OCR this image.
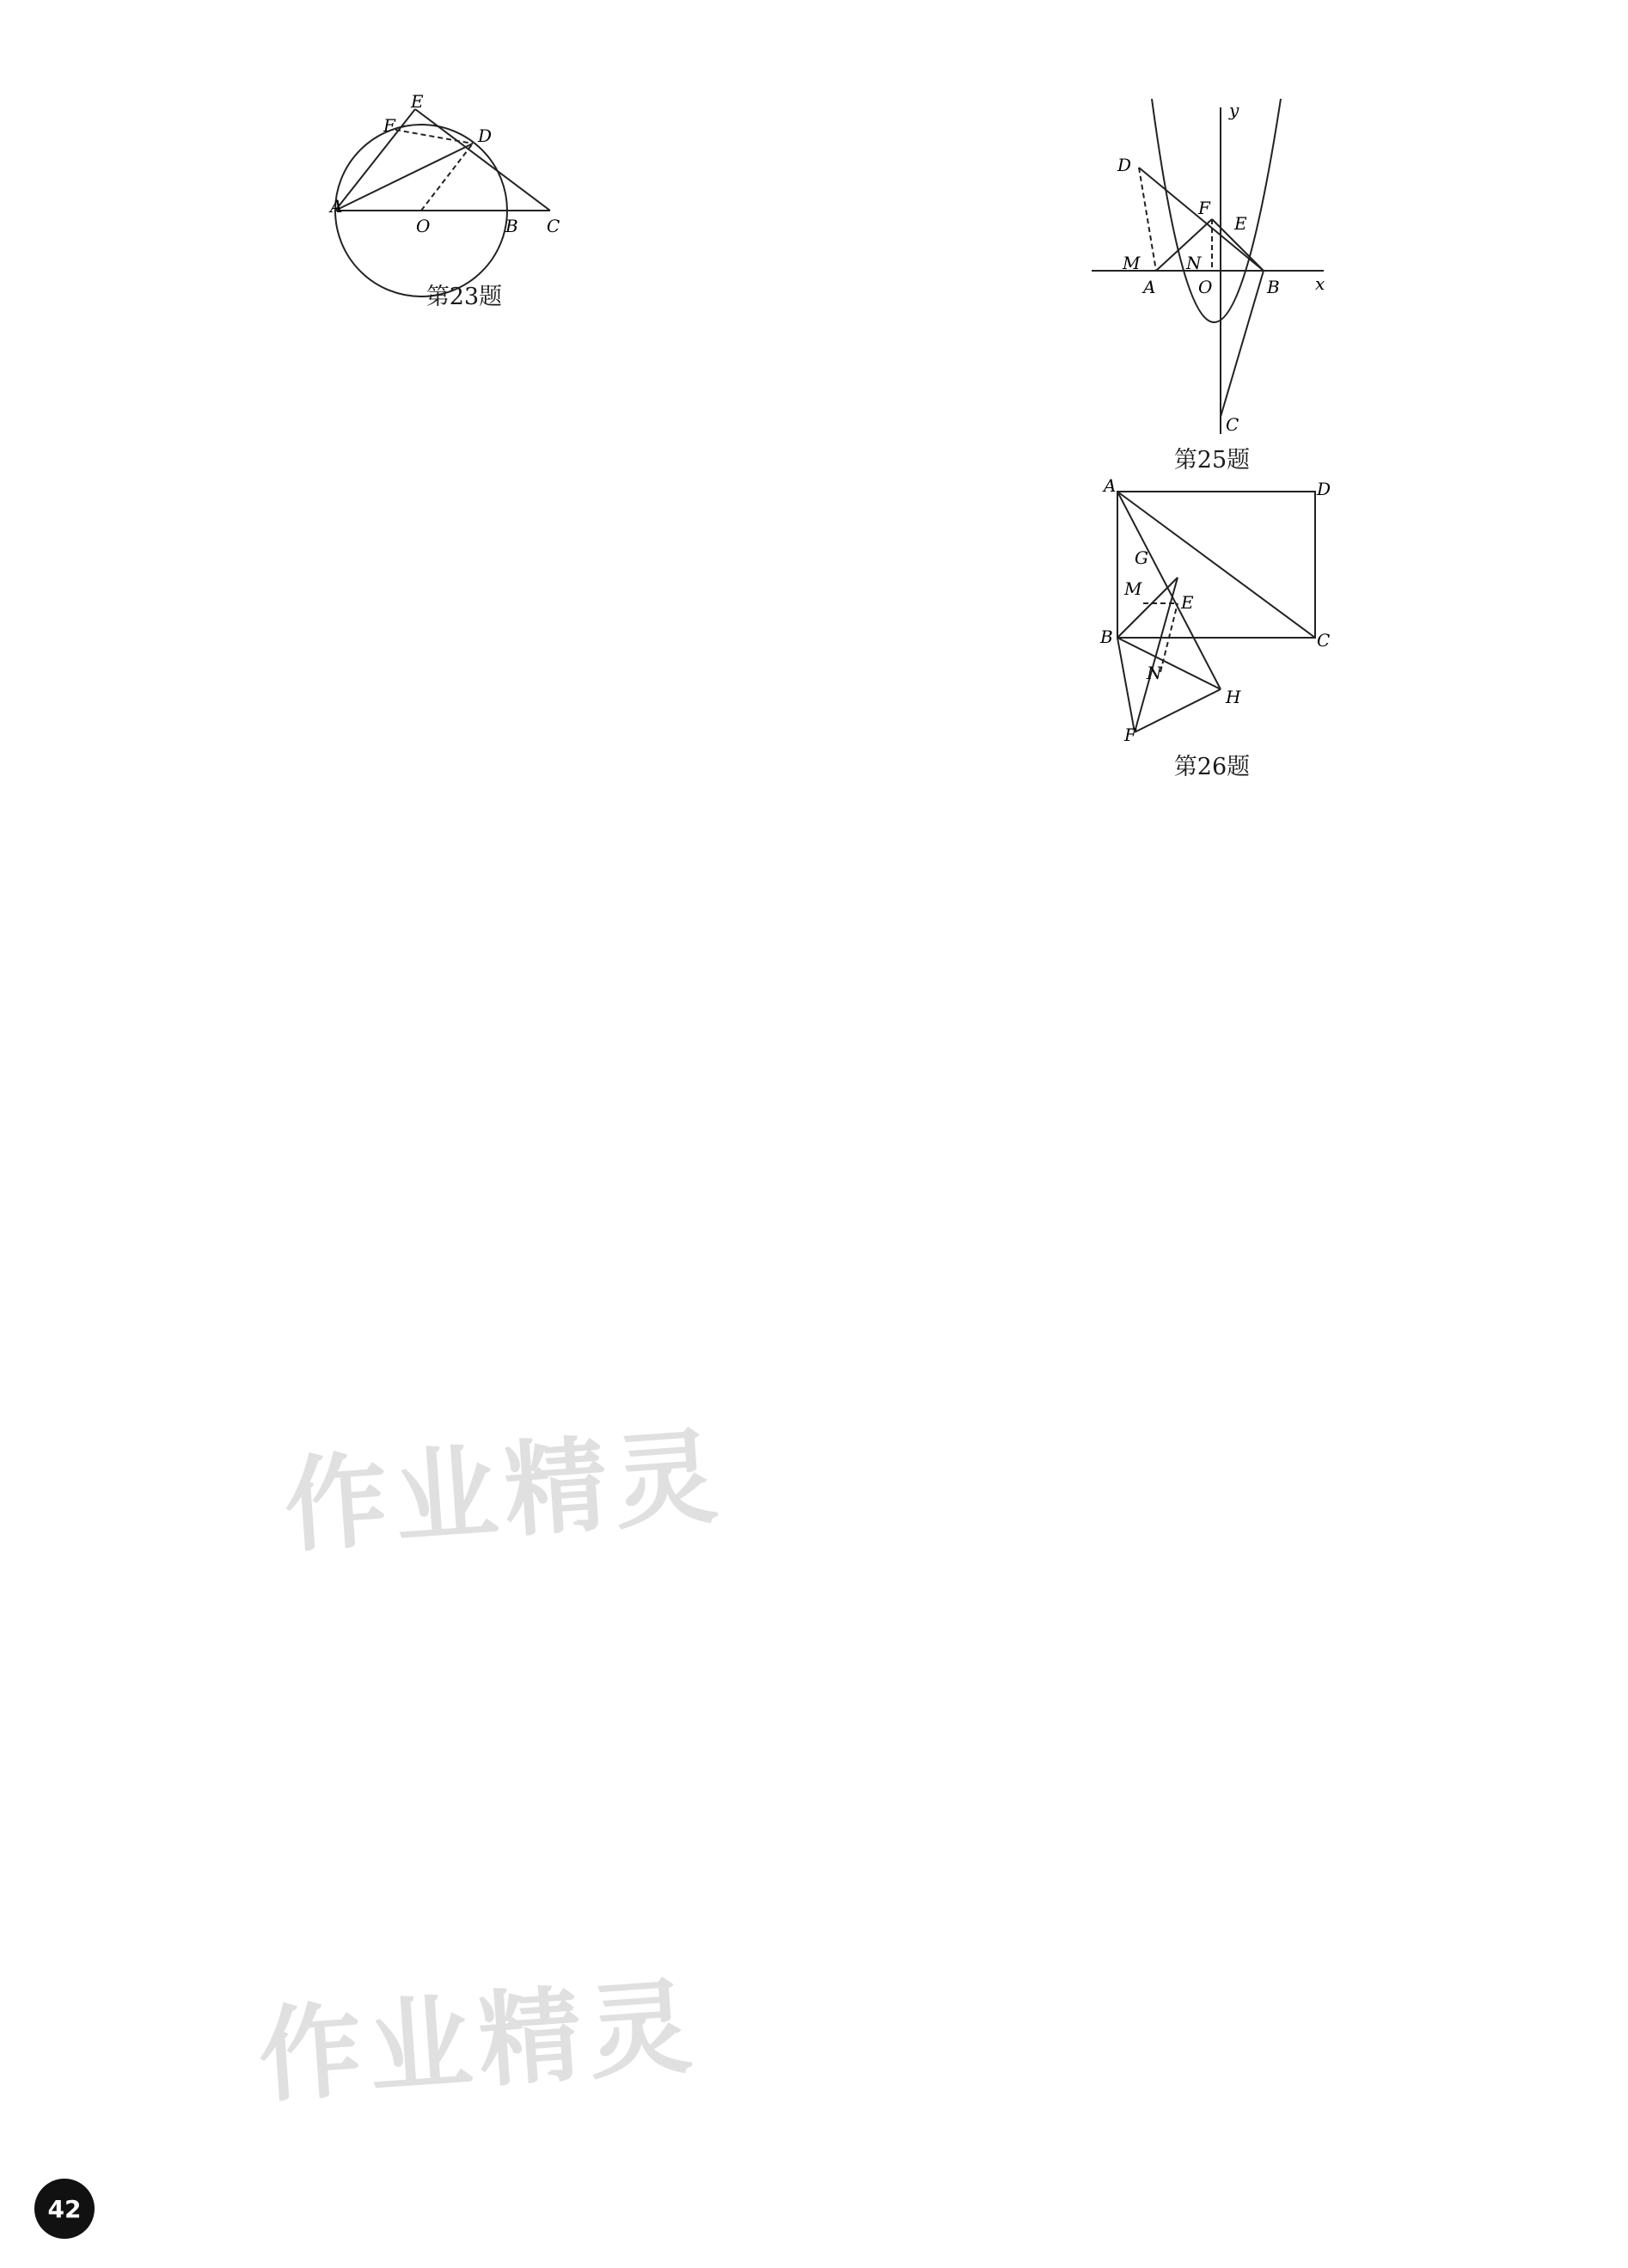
E
F	D
A
O	B C
第23题
y
x
D
F
E
M	N
A O	B
C
第25题
A	D
G
M
E
B	C
N
H
F
第26题
作业精灵
作业精灵
42
